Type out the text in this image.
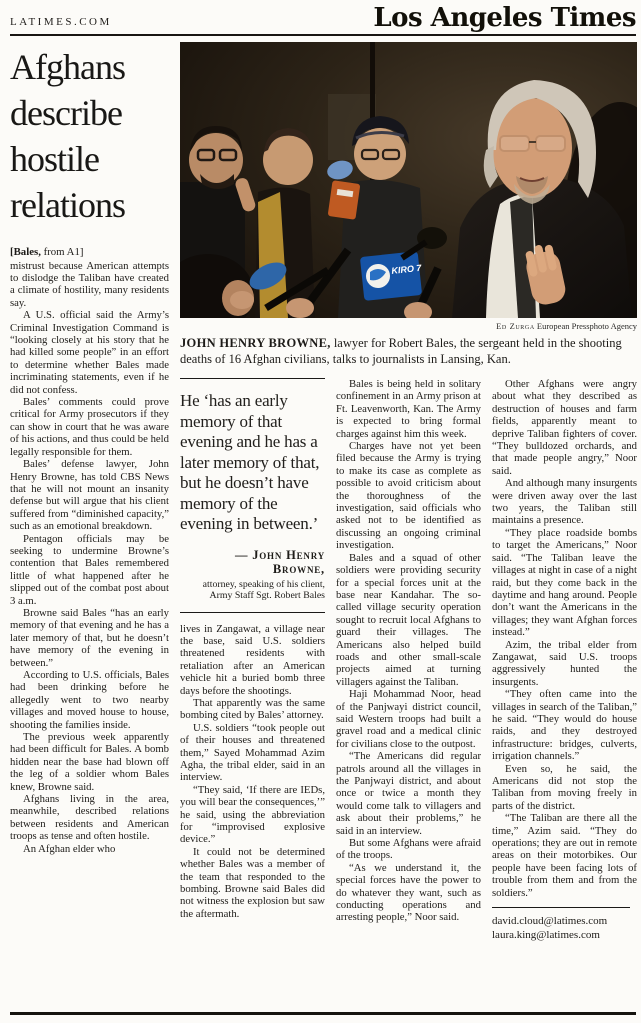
LATIMES.COM	Los Angeles Times
Afghans describe hostile relations

[Bales, from A1]

mistrust because American attempts to dislodge the Taliban have created a climate of hostility, many residents say.

A U.S. official said the Army’s Criminal Investigation Command is “looking closely at his story that he had killed some people” in an effort to determine whether Bales made incriminating statements, even if he did not confess.

Bales’ comments could prove critical for Army prosecutors if they can show in court that he was aware of his actions, and thus could be held legally responsible for them.

Bales’ defense lawyer, John Henry Browne, has told CBS News that he will not mount an insanity defense but will argue that his client suffered from “diminished capacity,” such as an emotional breakdown.

Pentagon officials may be seeking to undermine Browne’s contention that Bales remembered little of what happened after he slipped out of the combat post about 3 a.m.

Browne said Bales “has an early memory of that evening and he has a later memory of that, but he doesn’t have memory of the evening in between.”

According to U.S. officials, Bales had been drinking before he allegedly went to two nearby villages and moved house to house, shooting the families inside.

The previous week apparently had been difficult for Bales. A bomb hidden near the base had blown off the leg of a soldier whom Bales knew, Browne said.

Afghans living in the area, meanwhile, described relations between residents and American troops as tense and often hostile.

An Afghan elder who

KIRO 7
Ed Zurga European Pressphoto Agency
JOHN HENRY BROWNE, lawyer for Robert Bales, the sergeant held in the shooting deaths of 16 Afghan civilians, talks to journalists in Lansing, Kan.
He ‘has an early memory of that evening and he has a later memory of that, but he doesn’t have memory of the evening in between.’
— John Henry Browne,
attorney, speaking of his client, Army Staff Sgt. Robert Bales

lives in Zangawat, a village near the base, said U.S. soldiers threatened residents with retaliation after an American vehicle hit a buried bomb three days before the shootings.

That apparently was the same bombing cited by Bales’ attorney.

U.S. soldiers “took people out of their houses and threatened them,” Sayed Mohammad Azim Agha, the tribal elder, said in an interview.

“They said, ‘If there are IEDs, you will bear the consequences,’” he said, using the abbreviation for “improvised explosive device.”

It could not be determined whether Bales was a member of the team that responded to the bombing. Browne said Bales did not witness the explosion but saw the aftermath.

Bales is being held in solitary confinement in an Army prison at Ft. Leavenworth, Kan. The Army is expected to bring formal charges against him this week.

Charges have not yet been filed because the Army is trying to make its case as complete as possible to avoid criticism about the thoroughness of the investigation, said officials who asked not to be identified as discussing an ongoing criminal investigation.

Bales and a squad of other soldiers were providing security for a special forces unit at the base near Kandahar. The so-called village security operation sought to recruit local Afghans to guard their villages. The Americans also helped build roads and other small-scale projects aimed at turning villagers against the Taliban.

Haji Mohammad Noor, head of the Panjwayi district council, said Western troops had built a gravel road and a medical clinic for civilians close to the outpost.

“The Americans did regular patrols around all the villages in the Panjwayi district, and about once or twice a month they would come talk to villagers and ask about their problems,” he said in an interview.

But some Afghans were afraid of the troops.

“As we understand it, the special forces have the power to do whatever they want, such as conducting operations and arresting people,” Noor said.

Other Afghans were angry about what they described as destruction of houses and farm fields, apparently meant to deprive Taliban fighters of cover. “They bulldozed orchards, and that made people angry,” Noor said.

And although many insurgents were driven away over the last two years, the Taliban still maintains a presence.

“They place roadside bombs to target the Americans,” Noor said. “The Taliban leave the villages at night in case of a night raid, but they come back in the daytime and hang around. People don’t want the Americans in the villages; they want Afghan forces instead.”

Azim, the tribal elder from Zangawat, said U.S. troops aggressively hunted the insurgents.

“They often came into the villages in search of the Taliban,” he said. “They would do house raids, and they destroyed infrastructure: bridges, culverts, irrigation channels.”

Even so, he said, the Americans did not stop the Taliban from moving freely in parts of the district.

“The Taliban are there all the time,” Azim said. “They do operations; they are out in remote areas on their motorbikes. Our people have been facing lots of trouble from them and from the soldiers.”

david.cloud@latimes.com

laura.king@latimes.com
